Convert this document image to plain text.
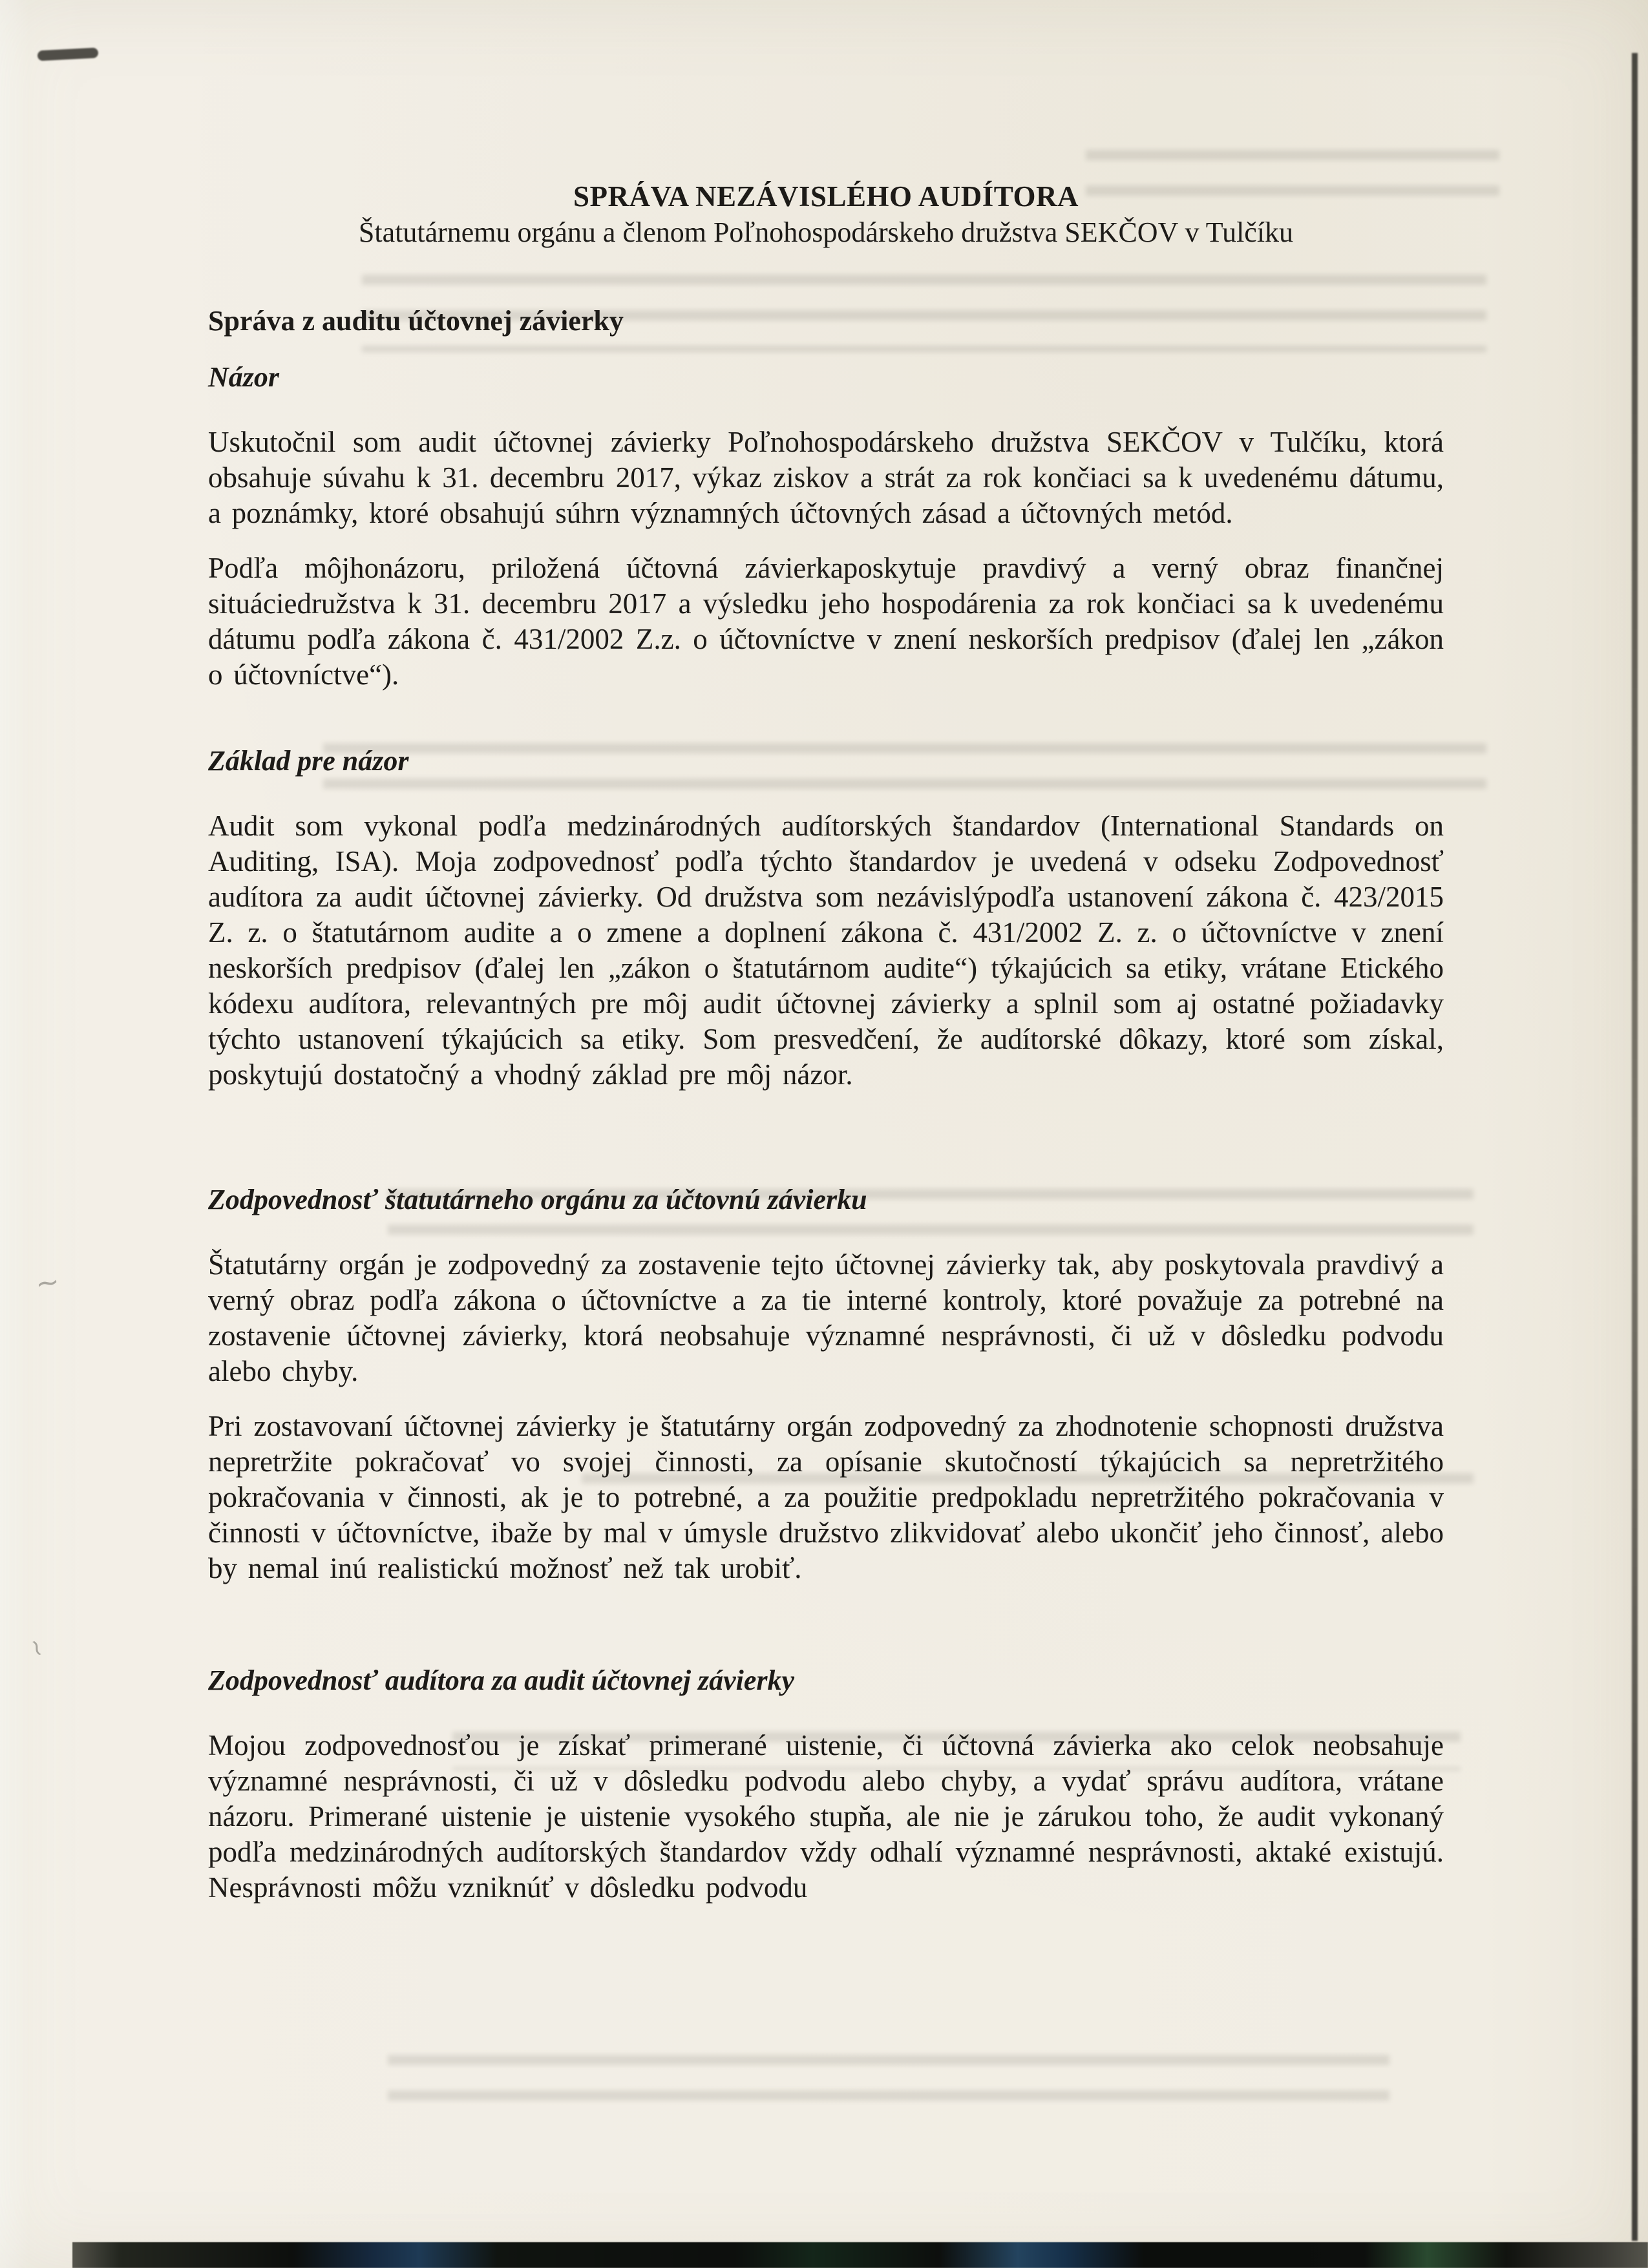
~
~
SPRÁVA NEZÁVISLÉHO AUDÍTORA

Štatutárnemu orgánu a členom Poľnohospodárskeho družstva SEKČOV v Tulčíku

Správa z auditu účtovnej závierky
Názor

Uskutočnil som audit účtovnej závierky Poľnohospodárskeho družstva SEKČOV v Tulčíku, ktorá obsahuje súvahu k 31. decembru 2017, výkaz ziskov a strát za rok končiaci sa k uvedenému dátumu, a poznámky, ktoré obsahujú súhrn významných účtovných zásad a účtovných metód.

Podľa môjhonázoru, priložená účtovná závierkaposkytuje pravdivý a verný obraz finančnej situáciedružstva k 31. decembru 2017 a výsledku jeho hospodárenia za rok končiaci sa k uvedenému dátumu podľa zákona č. 431/2002 Z.z. o účtovníctve v znení neskorších predpisov (ďalej len „zákon o účtovníctve“).

Základ pre názor

Audit som vykonal podľa medzinárodných audítorských štandardov (International Standards on Auditing, ISA). Moja zodpovednosť podľa týchto štandardov je uvedená v odseku Zodpovednosť audítora za audit účtovnej závierky. Od družstva som nezávislýpodľa ustanovení zákona č. 423/2015 Z. z. o štatutárnom audite a o zmene a doplnení zákona č. 431/2002 Z. z. o účtovníctve v znení neskorších predpisov (ďalej len „zákon o štatutárnom audite“) týkajúcich sa etiky, vrátane Etického kódexu audítora, relevantných pre môj audit účtovnej závierky a splnil som aj ostatné požiadavky týchto ustanovení týkajúcich sa etiky. Som presvedčení, že audítorské dôkazy, ktoré som získal, poskytujú dostatočný a vhodný základ pre môj názor.

Zodpovednosť štatutárneho orgánu za účtovnú závierku

Štatutárny orgán je zodpovedný za zostavenie tejto účtovnej závierky tak, aby poskytovala pravdivý a verný obraz podľa zákona o účtovníctve a za tie interné kontroly, ktoré považuje za potrebné na zostavenie účtovnej závierky, ktorá neobsahuje významné nesprávnosti, či už v dôsledku podvodu alebo chyby.

Pri zostavovaní účtovnej závierky je štatutárny orgán zodpovedný za zhodnotenie schopnosti družstva nepretržite pokračovať vo svojej činnosti, za opísanie skutočností týkajúcich sa nepretržitého pokračovania v činnosti, ak je to potrebné, a za použitie predpokladu nepretržitého pokračovania v činnosti v účtovníctve, ibaže by mal v úmysle družstvo zlikvidovať alebo ukončiť jeho činnosť, alebo by nemal inú realistickú možnosť než tak urobiť.

Zodpovednosť audítora za audit účtovnej závierky

Mojou zodpovednosťou je získať primerané uistenie, či účtovná závierka ako celok neobsahuje významné nesprávnosti, či už v dôsledku podvodu alebo chyby, a vydať správu audítora, vrátane názoru. Primerané uistenie je uistenie vysokého stupňa, ale nie je zárukou toho, že audit vykonaný podľa medzinárodných audítorských štandardov vždy odhalí významné nesprávnosti, aktaké existujú. Nesprávnosti môžu vzniknúť v dôsledku podvodu
